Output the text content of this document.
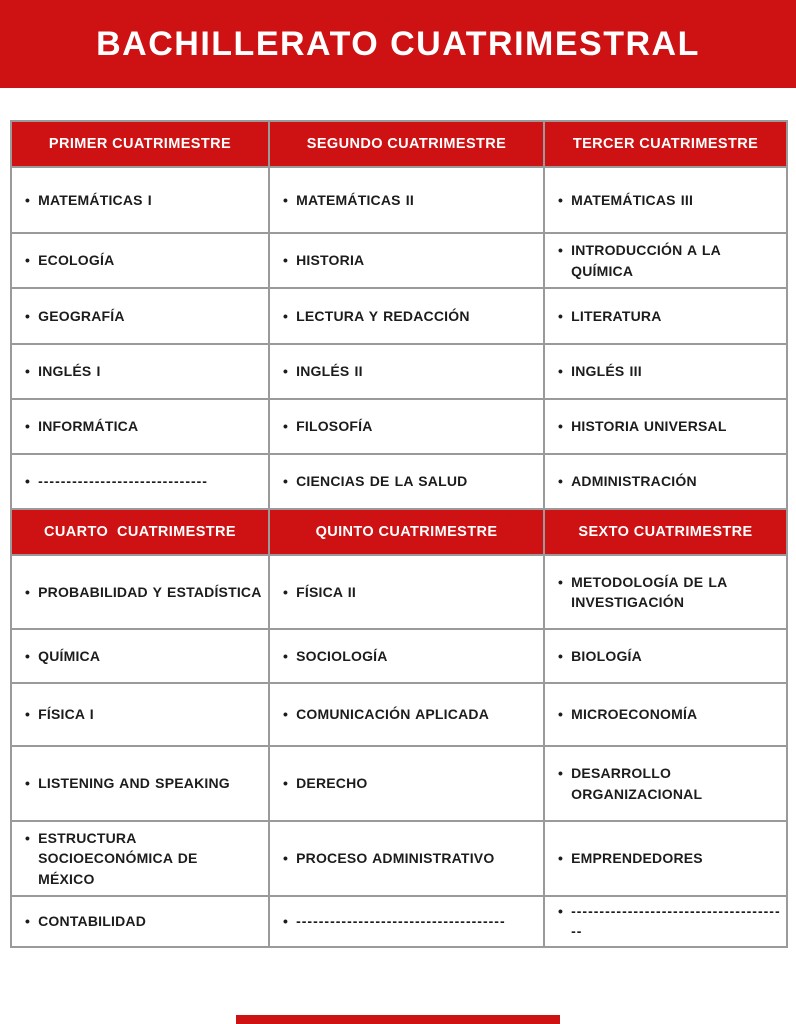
BACHILLERATO CUATRIMESTRAL
PRIMER CUATRIMESTRE	SEGUNDO CUATRIMESTRE	TERCER CUATRIMESTRE

• MATEMÁTICAS I	• MATEMÁTICAS II	• MATEMÁTICAS III

• ECOLOGÍA	• HISTORIA	• INTRODUCCIÓN A LA QUÍMICA

• GEOGRAFÍA	• LECTURA Y REDACCIÓN	• LITERATURA

• INGLÉS I	• INGLÉS II	• INGLÉS III

• INFORMÁTICA	• FILOSOFÍA	• HISTORIA UNIVERSAL

• ------------------------------	• CIENCIAS DE LA SALUD	• ADMINISTRACIÓN

CUARTO  CUATRIMESTRE	QUINTO CUATRIMESTRE	SEXTO CUATRIMESTRE

• PROBABILIDAD Y ESTADÍSTICA	• FÍSICA II	• METODOLOGÍA DE LA INVESTIGACIÓN

• QUÍMICA	• SOCIOLOGÍA	• BIOLOGÍA

• FÍSICA I	• COMUNICACIÓN APLICADA	• MICROECONOMÍA

• LISTENING AND SPEAKING	• DERECHO	• DESARROLLO ORGANIZACIONAL

• ESTRUCTURA SOCIOECONÓMICA DE MÉXICO	• PROCESO ADMINISTRATIVO	• EMPRENDEDORES

• CONTABILIDAD	• -------------------------------------	• ---------------------------------------
